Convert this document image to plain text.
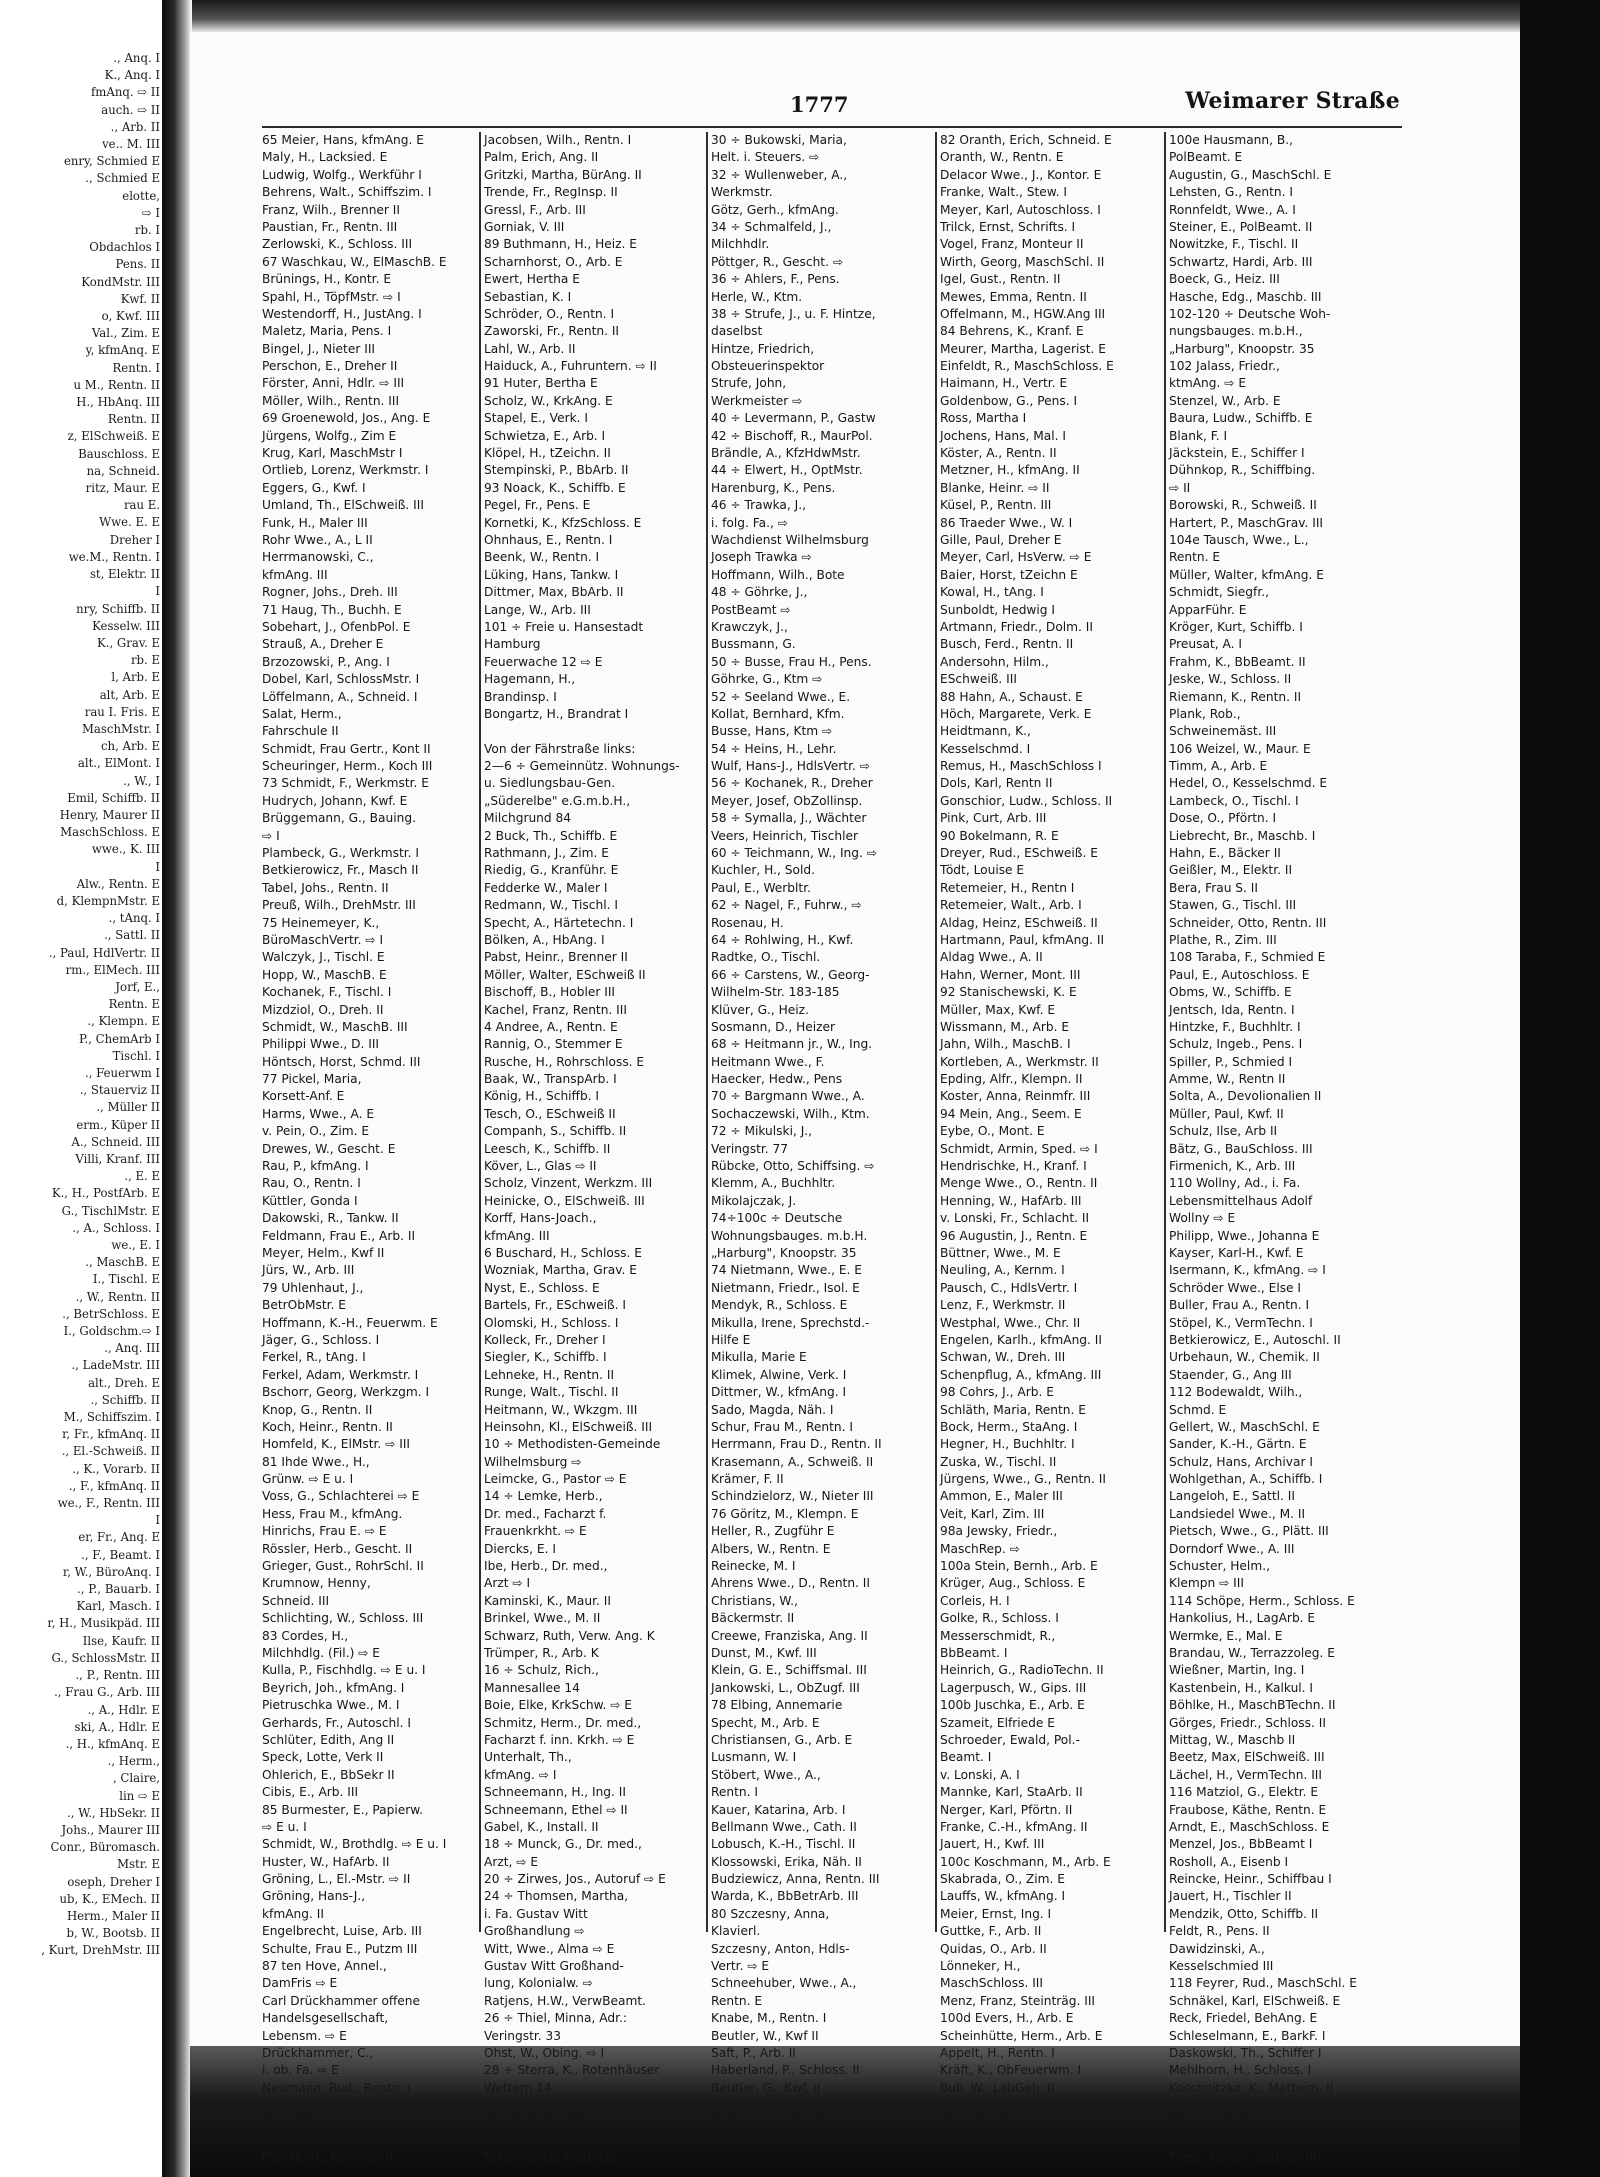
., Anq. I
K., Anq. I
fmAnq. ⇨ II
auch. ⇨ II
., Arb. II
ve.. M. III
enry, Schmied E
., Schmied E
elotte,
⇨ I
rb. I
Obdachlos I
Pens. II
KondMstr. III
Kwf. II
o, Kwf. III
Val., Zim. E
y, kfmAnq. E
Rentn. I
u M., Rentn. II
H., HbAnq. III
Rentn. II
z, ElSchweiß. E
Bauschloss. E
na, Schneid.
ritz, Maur. E
rau E.
Wwe. E. E
Dreher I
we.M., Rentn. I
st, Elektr. II
I
nry, Schiffb. II
Kesselw. III
K., Grav. E
rb. E
l, Arb. E
alt, Arb. E
rau I. Fris. E
MaschMstr. I
ch, Arb. E
alt., ElMont. I
., W., I
Emil, Schiffb. II
Henry, Maurer II
MaschSchloss. E
wwe., K. III
I
Alw., Rentn. E
d, KlempnMstr. E
., tAnq. I
., Sattl. II
., Paul, HdlVertr. II
rm., ElMech. III
Jorf, E.,
Rentn. E
., Klempn. E
P., ChemArb I
Tischl. I
., Feuerwm I
., Stauerviz II
., Müller II
erm., Küper II
A., Schneid. III
Villi, Kranf. III
., E. E
K., H., PostfArb. E
G., TischlMstr. E
., A., Schloss. I
we., E. I
., MaschB. E
I., Tischl. E
., W., Rentn. II
., BetrSchloss. E
I., Goldschm.⇨ I
., Anq. III
., LadeMstr. III
alt., Dreh. E
., Schiffb. II
M., Schiffszim. I
r, Fr., kfmAnq. II
., El.-Schweiß. II
., K., Vorarb. II
., F., kfmAnq. II
we., F., Rentn. III
I
er, Fr., Anq. E
., F., Beamt. I
r, W., BüroAnq. I
., P., Bauarb. I
Karl, Masch. I
r, H., Musikpäd. III
Ilse, Kaufr. II
G., SchlossMstr. II
., P., Rentn. III
., Frau G., Arb. III
., A., Hdlr. E
ski, A., Hdlr. E
., H., kfmAnq. E
., Herm.,
, Claire,
lin ⇨ E
., W., HbSekr. II
Johs., Maurer III
Conr., Büromasch.
Mstr. E
oseph, Dreher I
ub, K., EMech. II
Herm., Maler II
b, W., Bootsb. II
, Kurt, DrehMstr. III
1777	Weimarer Straße
65 Meier, Hans, kfmAng. E
Maly, H., Lacksied. E
Ludwig, Wolfg., Werkführ I
Behrens, Walt., Schiffszim. I
Franz, Wilh., Brenner II
Paustian, Fr., Rentn. III
Zerlowski, K., Schloss. III
67 Waschkau, W., ElMaschB. E
Brünings, H., Kontr. E
Spahl, H., TöpfMstr. ⇨ I
Westendorff, H., JustAng. I
Maletz, Maria, Pens. I
Bingel, J., Nieter III
Perschon, E., Dreher II
Förster, Anni, Hdlr. ⇨ III
Möller, Wilh., Rentn. III
69 Groenewold, Jos., Ang. E
Jürgens, Wolfg., Zim E
Krug, Karl, MaschMstr I
Ortlieb, Lorenz, Werkmstr. I
Eggers, G., Kwf. I
Umland, Th., ElSchweiß. III
Funk, H., Maler III
Rohr Wwe., A., L II
Herrmanowski, C.,
kfmAng. III
Rogner, Johs., Dreh. III
71 Haug, Th., Buchh. E
Sobehart, J., OfenbPol. E
Strauß, A., Dreher E
Brzozowski, P., Ang. I
Dobel, Karl, SchlossMstr. I
Löffelmann, A., Schneid. I
Salat, Herm.,
Fahrschule II
Schmidt, Frau Gertr., Kont II
Scheuringer, Herm., Koch III
73 Schmidt, F., Werkmstr. E
Hudrych, Johann, Kwf. E
Brüggemann, G., Bauing.
⇨ I
Plambeck, G., Werkmstr. I
Betkierowicz, Fr., Masch II
Tabel, Johs., Rentn. II
Preuß, Wilh., DrehMstr. III
75 Heinemeyer, K.,
BüroMaschVertr. ⇨ I
Walczyk, J., Tischl. E
Hopp, W., MaschB. E
Kochanek, F., Tischl. I
Mizdziol, O., Dreh. II
Schmidt, W., MaschB. III
Philippi Wwe., D. III
Höntsch, Horst, Schmd. III
77 Pickel, Maria,
Korsett-Anf. E
Harms, Wwe., A. E
v. Pein, O., Zim. E
Drewes, W., Gescht. E
Rau, P., kfmAng. I
Rau, O., Rentn. I
Küttler, Gonda I
Dakowski, R., Tankw. II
Feldmann, Frau E., Arb. II
Meyer, Helm., Kwf II
Jürs, W., Arb. III
79 Uhlenhaut, J.,
BetrObMstr. E
Hoffmann, K.-H., Feuerwm. E
Jäger, G., Schloss. I
Ferkel, R., tAng. I
Ferkel, Adam, Werkmstr. I
Bschorr, Georg, Werkzgm. I
Knop, G., Rentn. II
Koch, Heinr., Rentn. II
Homfeld, K., ElMstr. ⇨ III
81 Ihde Wwe., H.,
Grünw. ⇨ E u. I
Voss, G., Schlachterei ⇨ E
Hess, Frau M., kfmAng.
Hinrichs, Frau E. ⇨ E
Rössler, Herb., Gescht. II
Grieger, Gust., RohrSchl. II
Krumnow, Henny,
Schneid. III
Schlichting, W., Schloss. III
83 Cordes, H.,
Milchhdlg. (Fil.) ⇨ E
Kulla, P., Fischhdlg. ⇨ E u. I
Beyrich, Joh., kfmAng. I
Pietruschka Wwe., M. I
Gerhards, Fr., Autoschl. I
Schlüter, Edith, Ang II
Speck, Lotte, Verk II
Ohlerich, E., BbSekr II
Cibis, E., Arb. III
85 Burmester, E., Papierw.
⇨ E u. I
Schmidt, W., Brothdlg. ⇨ E u. I
Huster, W., HafArb. II
Gröning, L., El.-Mstr. ⇨ II
Gröning, Hans-J.,
kfmAng. II
Engelbrecht, Luise, Arb. III
Schulte, Frau E., Putzm III
87 ten Hove, Annel.,
DamFris ⇨ E
Carl Drückhammer offene
Handelsgesellschaft,
Lebensm. ⇨ E
Drückhammer, C.,
i. ob. Fa. ⇨ E
Neumann, Rud., Rentn. I
Franke, Gisela, i. Fa.
Carl Drückhammer offene
Handelsges. ⇨ I
Franke, H., kfmAng. II
Jacobsen, Wilh., Rentn. I
Palm, Erich, Ang. II
Gritzki, Martha, BürAng. II
Trende, Fr., RegInsp. II
Gressl, F., Arb. III
Gorniak, V. III
89 Buthmann, H., Heiz. E
Scharnhorst, O., Arb. E
Ewert, Hertha E
Sebastian, K. I
Schröder, O., Rentn. I
Zaworski, Fr., Rentn. II
Lahl, W., Arb. II
Haiduck, A., Fuhruntern. ⇨ II
91 Huter, Bertha E
Scholz, W., KrkAng. E
Stapel, E., Verk. I
Schwietza, E., Arb. I
Klöpel, H., tZeichn. II
Stempinski, P., BbArb. II
93 Noack, K., Schiffb. E
Pegel, Fr., Pens. E
Kornetki, K., KfzSchloss. E
Ohnhaus, E., Rentn. I
Beenk, W., Rentn. I
Lüking, Hans, Tankw. I
Dittmer, Max, BbArb. II
Lange, W., Arb. III
101 ÷ Freie u. Hansestadt
Hamburg
Feuerwache 12 ⇨ E
Hagemann, H.,
Brandinsp. I
Bongartz, H., Brandrat I
Von der Fährstraße links:
2—6 ÷ Gemeinnütz. Wohnungs-
u. Siedlungsbau-Gen.
„Süderelbe" e.G.m.b.H.,
Milchgrund 84
2 Buck, Th., Schiffb. E
Rathmann, J., Zim. E
Riedig, G., Kranführ. E
Fedderke W., Maler I
Redmann, W., Tischl. I
Specht, A., Härtetechn. I
Bölken, A., HbAng. I
Pabst, Heinr., Brenner II
Möller, Walter, ESchweiß II
Bischoff, B., Hobler III
Kachel, Franz, Rentn. III
4 Andree, A., Rentn. E
Rannig, O., Stemmer E
Rusche, H., Rohrschloss. E
Baak, W., TranspArb. I
König, H., Schiffb. I
Tesch, O., ESchweiß II
Companh, S., Schiffb. II
Leesch, K., Schiffb. II
Köver, L., Glas ⇨ II
Scholz, Vinzent, Werkzm. III
Heinicke, O., ElSchweiß. III
Korff, Hans-Joach.,
kfmAng. III
6 Buschard, H., Schloss. E
Wozniak, Martha, Grav. E
Nyst, E., Schloss. E
Bartels, Fr., ESchweiß. I
Olomski, H., Schloss. I
Kolleck, Fr., Dreher I
Siegler, K., Schiffb. I
Lehneke, H., Rentn. II
Runge, Walt., Tischl. II
Heitmann, W., Wkzgm. III
Heinsohn, Kl., ElSchweiß. III
10 ÷ Methodisten-Gemeinde
Wilhelmsburg ⇨
Leimcke, G., Pastor ⇨ E
14 ÷ Lemke, Herb.,
Dr. med., Facharzt f.
Frauenkrkht. ⇨ E
Diercks, E. I
Ibe, Herb., Dr. med.,
Arzt ⇨ I
Kaminski, K., Maur. II
Brinkel, Wwe., M. II
Schwarz, Ruth, Verw. Ang. K
Trümper, R., Arb. K
16 ÷ Schulz, Rich.,
Mannesallee 14
Boie, Elke, KrkSchw. ⇨ E
Schmitz, Herm., Dr. med.,
Facharzt f. inn. Krkh. ⇨ E
Unterhalt, Th.,
kfmAng. ⇨ I
Schneemann, H., Ing. II
Schneemann, Ethel ⇨ II
Gabel, K., Install. II
18 ÷ Munck, G., Dr. med.,
Arzt, ⇨ E
20 ÷ Zirwes, Jos., Autoruf ⇨ E
24 ÷ Thomsen, Martha,
i. Fa. Gustav Witt
Großhandlung ⇨
Witt, Wwe., Alma ⇨ E
Gustav Witt Großhand-
lung, Kolonialw. ⇨
Ratjens, H.W., VerwBeamt.
26 ÷ Thiel, Minna, Adr.:
Veringstr. 33
Ohst, W., Obing. ⇨ I
28 ÷ Sterra, K., Rotenhäuser
Wettern 14
Hartmann, Frieda
Schmidt, Kurt-G., kfmAng
Schirrmeister, Clara, Pens
Schaffranek, Mathilde
30 ÷ Bukowski, Maria,
Helt. i. Steuers. ⇨
32 ÷ Wullenweber, A.,
Werkmstr.
Götz, Gerh., kfmAng.
34 ÷ Schmalfeld, J.,
Milchhdlr.
Pöttger, R., Gescht. ⇨
36 ÷ Ahlers, F., Pens.
Herle, W., Ktm.
38 ÷ Strufe, J., u. F. Hintze,
daselbst
Hintze, Friedrich,
Obsteuerinspektor
Strufe, John,
Werkmeister ⇨
40 ÷ Levermann, P., Gastw
42 ÷ Bischoff, R., MaurPol.
Brändle, A., KfzHdwMstr.
44 ÷ Elwert, H., OptMstr.
Harenburg, K., Pens.
46 ÷ Trawka, J.,
i. folg. Fa., ⇨
Wachdienst Wilhelmsburg
Joseph Trawka ⇨
Hoffmann, Wilh., Bote
48 ÷ Göhrke, J.,
PostBeamt ⇨
Krawczyk, J.,
Bussmann, G.
50 ÷ Busse, Frau H., Pens.
Göhrke, G., Ktm ⇨
52 ÷ Seeland Wwe., E.
Kollat, Bernhard, Kfm.
Busse, Hans, Ktm ⇨
54 ÷ Heins, H., Lehr.
Wulf, Hans-J., HdlsVertr. ⇨
56 ÷ Kochanek, R., Dreher
Meyer, Josef, ObZollinsp.
58 ÷ Symalla, J., Wächter
Veers, Heinrich, Tischler
60 ÷ Teichmann, W., Ing. ⇨
Kuchler, H., Sold.
Paul, E., Werbltr.
62 ÷ Nagel, F., Fuhrw., ⇨
Rosenau, H.
64 ÷ Rohlwing, H., Kwf.
Radtke, O., Tischl.
66 ÷ Carstens, W., Georg-
Wilhelm-Str. 183-185
Klüver, G., Heiz.
Sosmann, D., Heizer
68 ÷ Heitmann jr., W., Ing.
Heitmann Wwe., F.
Haecker, Hedw., Pens
70 ÷ Bargmann Wwe., A.
Sochaczewski, Wilh., Ktm.
72 ÷ Mikulski, J.,
Veringstr. 77
Rübcke, Otto, Schiffsing. ⇨
Klemm, A., Buchhltr.
Mikolajczak, J.
74÷100c ÷ Deutsche
Wohnungsbauges. m.b.H.
„Harburg", Knoopstr. 35
74 Nietmann, Wwe., E. E
Nietmann, Friedr., Isol. E
Mendyk, R., Schloss. E
Mikulla, Irene, Sprechstd.-
Hilfe E
Mikulla, Marie E
Klimek, Alwine, Verk. I
Dittmer, W., kfmAng. I
Sado, Magda, Näh. I
Schur, Frau M., Rentn. I
Herrmann, Frau D., Rentn. II
Krasemann, A., Schweiß. II
Krämer, F. II
Schindzielorz, W., Nieter III
76 Göritz, M., Klempn. E
Heller, R., Zugführ E
Albers, W., Rentn. E
Reinecke, M. I
Ahrens Wwe., D., Rentn. II
Christians, W.,
Bäckermstr. II
Creewe, Franziska, Ang. II
Dunst, M., Kwf. III
Klein, G. E., Schiffsmal. III
Jankowski, L., ObZugf. III
78 Elbing, Annemarie
Specht, M., Arb. E
Christiansen, G., Arb. E
Lusmann, W. I
Stöbert, Wwe., A.,
Rentn. I
Kauer, Katarina, Arb. I
Bellmann Wwe., Cath. II
Lobusch, K.-H., Tischl. II
Klossowski, Erika, Näh. II
Budziewicz, Anna, Rentn. III
Warda, K., BbBetrArb. III
80 Szczesny, Anna,
Klavierl.
Szczesny, Anton, Hdls-
Vertr. ⇨ E
Schneehuber, Wwe., A.,
Rentn. E
Knabe, M., Rentn. I
Beutler, W., Kwf II
Saft, P., Arb. II
Haberland, P., Schloss. II
Beutler, G., Kwf. II
Sudrau, Frau Gertr. I
Meier, Hans, KessSchm. III
Seyfert, Erich, Ang. III
82 Oranth, Erich, Schneid. E
Oranth, W., Rentn. E
Delacor Wwe., J., Kontor. E
Franke, Walt., Stew. I
Meyer, Karl, Autoschloss. I
Trilck, Ernst, Schrifts. I
Vogel, Franz, Monteur II
Wirth, Georg, MaschSchl. II
Igel, Gust., Rentn. II
Mewes, Emma, Rentn. II
Offelmann, M., HGW.Ang III
84 Behrens, K., Kranf. E
Meurer, Martha, Lagerist. E
Einfeldt, R., MaschSchloss. E
Haimann, H., Vertr. E
Goldenbow, G., Pens. I
Ross, Martha I
Jochens, Hans, Mal. I
Köster, A., Rentn. II
Metzner, H., kfmAng. II
Blanke, Heinr. ⇨ II
Küsel, P., Rentn. III
86 Traeder Wwe., W. I
Gille, Paul, Dreher E
Meyer, Carl, HsVerw. ⇨ E
Baier, Horst, tZeichn E
Kowal, H., tAng. I
Sunboldt, Hedwig I
Artmann, Friedr., Dolm. II
Busch, Ferd., Rentn. II
Andersohn, Hilm.,
ESchweiß. III
88 Hahn, A., Schaust. E
Höch, Margarete, Verk. E
Heidtmann, K.,
Kesselschmd. I
Remus, H., MaschSchloss I
Dols, Karl, Rentn II
Gonschior, Ludw., Schloss. II
Pink, Curt, Arb. III
90 Bokelmann, R. E
Dreyer, Rud., ESchweiß. E
Tödt, Louise E
Retemeier, H., Rentn I
Retemeier, Walt., Arb. I
Aldag, Heinz, ESchweiß. II
Hartmann, Paul, kfmAng. II
Aldag Wwe., A. II
Hahn, Werner, Mont. III
92 Stanischewski, K. E
Müller, Max, Kwf. E
Wissmann, M., Arb. E
Jahn, Wilh., MaschB. I
Kortleben, A., Werkmstr. II
Epding, Alfr., Klempn. II
Koster, Anna, Reinmfr. III
94 Mein, Ang., Seem. E
Eybe, O., Mont. E
Schmidt, Armin, Sped. ⇨ I
Hendrischke, H., Kranf. I
Menge Wwe., O., Rentn. II
Henning, W., HafArb. III
v. Lonski, Fr., Schlacht. II
96 Augustin, J., Rentn. E
Büttner, Wwe., M. E
Neuling, A., Kernm. I
Pausch, C., HdlsVertr. I
Lenz, F., Werkmstr. II
Westphal, Wwe., Chr. II
Engelen, Karlh., kfmAng. II
Schwan, W., Dreh. III
Schenpflug, A., kfmAng. III
98 Cohrs, J., Arb. E
Schläth, Maria, Rentn. E
Bock, Herm., StaAng. I
Hegner, H., Buchhltr. I
Zuska, W., Tischl. II
Jürgens, Wwe., G., Rentn. II
Ammon, E., Maler III
Veit, Karl, Zim. III
98a Jewsky, Friedr.,
MaschRep. ⇨
100a Stein, Bernh., Arb. E
Krüger, Aug., Schloss. E
Corleis, H. I
Golke, R., Schloss. I
Messerschmidt, R.,
BbBeamt. I
Heinrich, G., RadioTechn. II
Lagerpusch, W., Gips. III
100b Juschka, E., Arb. E
Szameit, Elfriede E
Schroeder, Ewald, Pol.-
Beamt. I
v. Lonski, A. I
Mannke, Karl, StaArb. II
Nerger, Karl, Pförtn. II
Franke, C.-H., kfmAng. II
Jauert, H., Kwf. III
100c Koschmann, M., Arb. E
Skabrada, O., Zim. E
Lauffs, W., kfmAng. I
Meier, Ernst, Ing. I
Guttke, F., Arb. II
Quidas, O., Arb. II
Lönneker, H.,
MaschSchloss. III
Menz, Franz, Steinträg. III
100d Evers, H., Arb. E
Scheinhütte, Herm., Arb. E
Appelt, H., Rentn. I
Kräft, K., ObFeuerwm. I
Bull, W., LabGeh. II
Rzyski, Wwe., M., Rentn. II
Koch, R., Modellb. II
Quade, B., BehAng. III
100e Hausmann, B.,
PolBeamt. E
Augustin, G., MaschSchl. E
Lehsten, G., Rentn. I
Ronnfeldt, Wwe., A. I
Steiner, E., PolBeamt. II
Nowitzke, F., Tischl. II
Schwartz, Hardi, Arb. III
Boeck, G., Heiz. III
Hasche, Edg., Maschb. III
102-120 ÷ Deutsche Woh-
nungsbauges. m.b.H.,
„Harburg", Knoopstr. 35
102 Jalass, Friedr.,
ktmAng. ⇨ E
Stenzel, W., Arb. E
Baura, Ludw., Schiffb. E
Blank, F. I
Jäckstein, E., Schiffer I
Dühnkop, R., Schiffbing.
⇨ II
Borowski, R., Schweiß. II
Hartert, P., MaschGrav. III
104e Tausch, Wwe., L.,
Rentn. E
Müller, Walter, kfmAng. E
Schmidt, Siegfr.,
ApparFühr. E
Kröger, Kurt, Schiffb. I
Preusat, A. I
Frahm, K., BbBeamt. II
Jeske, W., Schloss. II
Riemann, K., Rentn. II
Plank, Rob.,
Schweinemäst. III
106 Weizel, W., Maur. E
Timm, A., Arb. E
Hedel, O., Kesselschmd. E
Lambeck, O., Tischl. I
Dose, O., Pförtn. I
Liebrecht, Br., Maschb. I
Hahn, E., Bäcker II
Geißler, M., Elektr. II
Bera, Frau S. II
Stawen, G., Tischl. III
Schneider, Otto, Rentn. III
Plathe, R., Zim. III
108 Taraba, F., Schmied E
Paul, E., Autoschloss. E
Obms, W., Schiffb. E
Jentsch, Ida, Rentn. I
Hintzke, F., Buchhltr. I
Schulz, Ingeb., Pens. I
Spiller, P., Schmied I
Amme, W., Rentn II
Solta, A., Devolionalien II
Müller, Paul, Kwf. II
Schulz, Ilse, Arb II
Bätz, G., BauSchloss. III
Firmenich, K., Arb. III
110 Wollny, Ad., i. Fa.
Lebensmittelhaus Adolf
Wollny ⇨ E
Philipp, Wwe., Johanna E
Kayser, Karl-H., Kwf. E
Isermann, K., kfmAng. ⇨ I
Schröder Wwe., Else I
Buller, Frau A., Rentn. I
Stöpel, K., VermTechn. I
Betkierowicz, E., Autoschl. II
Urbehaun, W., Chemik. II
Staender, G., Ang III
112 Bodewaldt, Wilh.,
Schmd. E
Gellert, W., MaschSchl. E
Sander, K.-H., Gärtn. E
Schulz, Hans, Archivar I
Wohlgethan, A., Schiffb. I
Langeloh, E., Sattl. II
Landsiedel Wwe., M. II
Pietsch, Wwe., G., Plätt. III
Dorndorf Wwe., A. III
Schuster, Helm.,
Klempn ⇨ III
114 Schöpe, Herm., Schloss. E
Hankolius, H., LagArb. E
Wermke, E., Mal. E
Brandau, W., Terrazzoleg. E
Wießner, Martin, Ing. I
Kastenbein, H., Kalkul. I
Böhlke, H., MaschBTechn. II
Görges, Friedr., Schloss. II
Mittag, W., Maschb II
Beetz, Max, ElSchweiß. III
Lächel, H., VermTechn. III
116 Matziol, G., Elektr. E
Fraubose, Käthe, Rentn. E
Arndt, E., MaschSchloss. E
Menzel, Jos., BbBeamt I
Rosholl, A., Eisenb I
Reincke, Heinr., Schiffbau I
Jauert, H., Tischler II
Mendzik, Otto, Schiffb. II
Feldt, R., Pens. II
Dawidzinski, A.,
Kesselschmied III
118 Feyrer, Rud., MaschSchl. E
Schnäkel, Karl, ElSchweiß. E
Reck, Friedel, BehAng. E
Schleselmann, E., BarkF. I
Daskowski, Th., Schiffer I
Mehlhorn, H., Schloss. I
Koschnitzke, K., Mathem. II
Raedel Wwe., F. II
Knolle, W., Dreh. II
Peskorn, E., Masch. II
Press, Martin, Bauing. III
